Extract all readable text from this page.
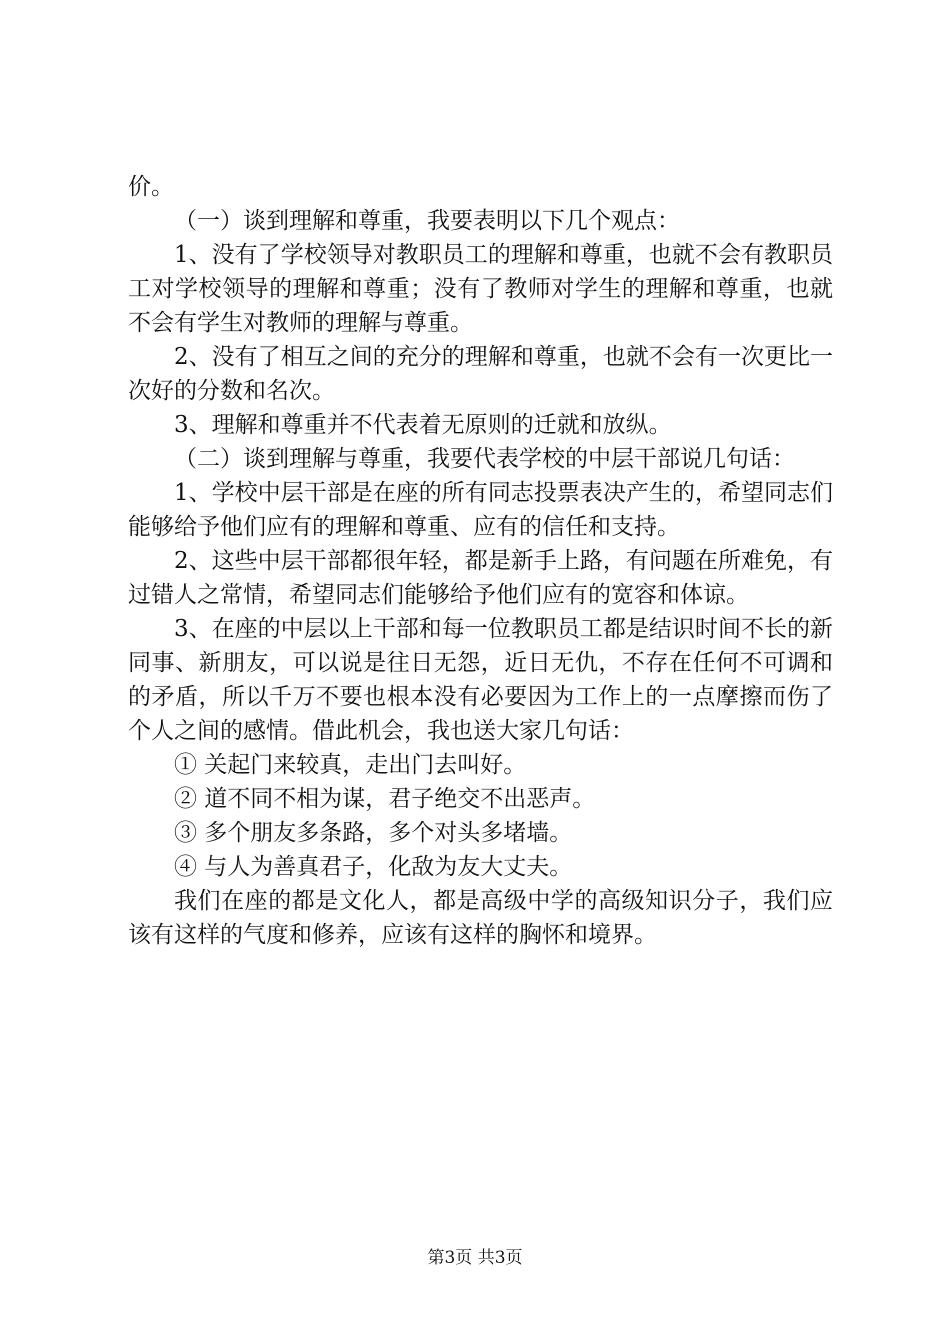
价。

（一）谈到理解和尊重，我要表明以下几个观点：

1、没有了学校领导对教职员工的理解和尊重，也就不会有教职员工对学校领导的理解和尊重；没有了教师对学生的理解和尊重，也就不会有学生对教师的理解与尊重。

2、没有了相互之间的充分的理解和尊重，也就不会有一次更比一次好的分数和名次。

3、理解和尊重并不代表着无原则的迁就和放纵。

（二）谈到理解与尊重，我要代表学校的中层干部说几句话：

1、学校中层干部是在座的所有同志投票表决产生的，希望同志们能够给予他们应有的理解和尊重、应有的信任和支持。

2、这些中层干部都很年轻，都是新手上路，有问题在所难免，有过错人之常情，希望同志们能够给予他们应有的宽容和体谅。

3、在座的中层以上干部和每一位教职员工都是结识时间不长的新同事、新朋友，可以说是往日无怨，近日无仇，不存在任何不可调和的矛盾，所以千万不要也根本没有必要因为工作上的一点摩擦而伤了个人之间的感情。借此机会，我也送大家几句话：

① 关起门来较真，走出门去叫好。

② 道不同不相为谋，君子绝交不出恶声。

③ 多个朋友多条路，多个对头多堵墙。

④ 与人为善真君子，化敌为友大丈夫。

我们在座的都是文化人，都是高级中学的高级知识分子，我们应该有这样的气度和修养，应该有这样的胸怀和境界。

第3页 共3页
